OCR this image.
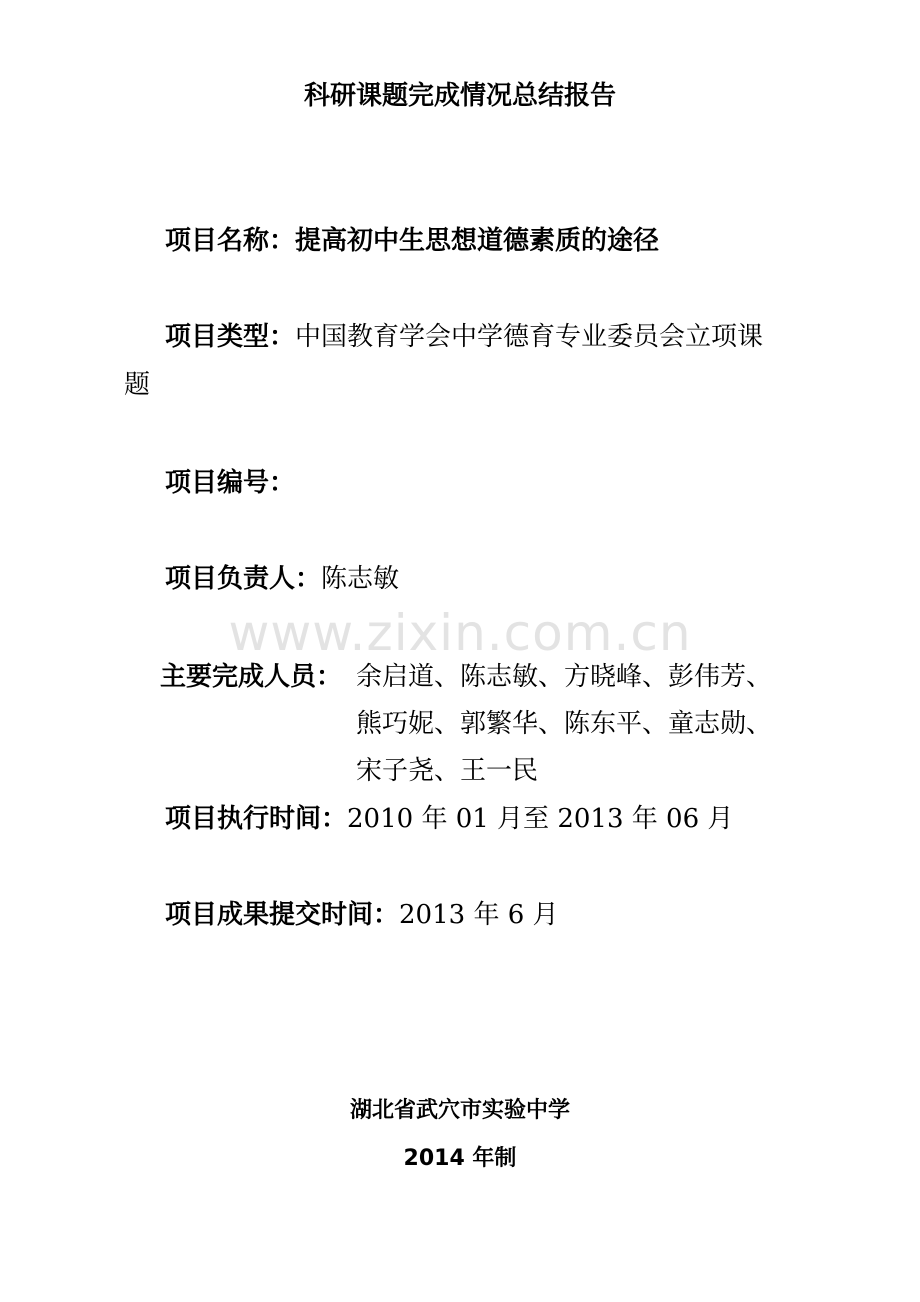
www.zixin.com.cn
科研课题完成情况总结报告
项目名称：提高初中生思想道德素质的途径
项目类型：中国教育学会中学德育专业委员会立项课
题
项目编号：
项目负责人：陈志敏
主要完成人员： 余启道、陈志敏、方晓峰、彭伟芳、
熊巧妮、郭繁华、陈东平、童志勋、
宋子尧、王一民
项目执行时间：2010 年 01 月至 2013 年 06 月
项目成果提交时间：2013 年 6 月
湖北省武穴市实验中学
2014 年制
